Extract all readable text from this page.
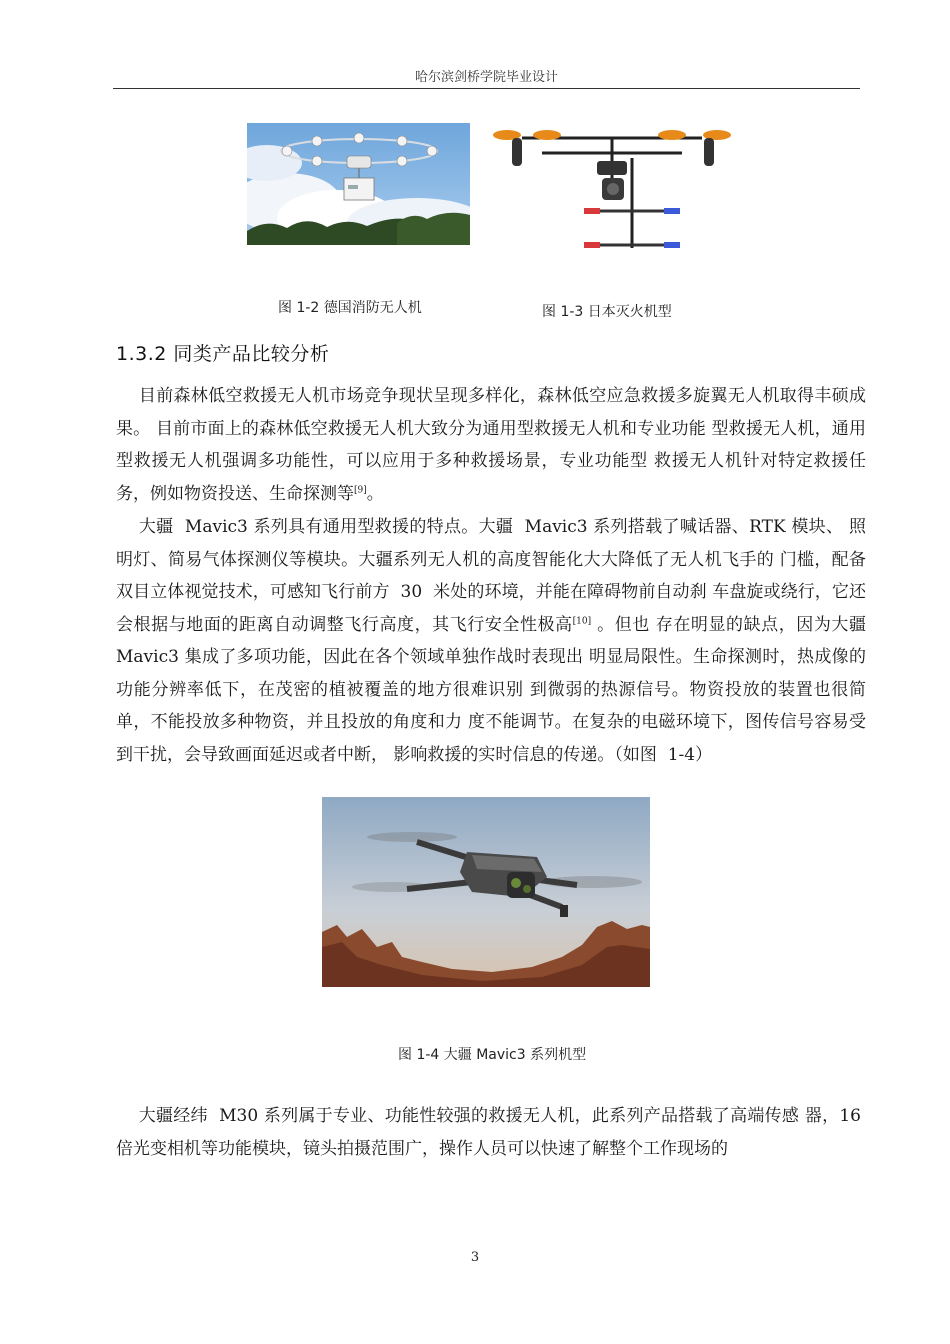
哈尔滨剑桥学院毕业设计
图 1-2 德国消防无人机	图 1-3 日本灭火机型
1.3.2 同类产品比较分析

目前森林低空救援无人机市场竞争现状呈现多样化，森林低空应急救援多旋翼无人机取得丰硕成果。 目前市面上的森林低空救援无人机大致分为通用型救援无人机和专业功能 型救援无人机，通用型救援无人机强调多功能性，可以应用于多种救援场景，专业功能型 救援无人机针对特定救援任务，例如物资投送、生命探测等[9]。

大疆  Mavic3 系列具有通用型救援的特点。大疆  Mavic3 系列搭载了喊话器、RTK 模块、 照明灯、简易气体探测仪等模块。大疆系列无人机的高度智能化大大降低了无人机飞手的 门槛，配备双目立体视觉技术，可感知飞行前方  30  米处的环境，并能在障碍物前自动刹 车盘旋或绕行，它还会根据与地面的距离自动调整飞行高度，其飞行安全性极高[10] 。但也 存在明显的缺点，因为大疆  Mavic3 集成了多项功能，因此在各个领域单独作战时表现出 明显局限性。生命探测时，热成像的功能分辨率低下，在茂密的植被覆盖的地方很难识别 到微弱的热源信号。物资投放的装置也很简单，不能投放多种物资，并且投放的角度和力 度不能调节。在复杂的电磁环境下，图传信号容易受到干扰，会导致画面延迟或者中断， 影响救援的实时信息的传递。（如图  1-4）

图 1-4 大疆 Mavic3 系列机型

大疆经纬  M30 系列属于专业、功能性较强的救援无人机，此系列产品搭载了高端传感 器，16 倍光变相机等功能模块，镜头拍摄范围广，操作人员可以快速了解整个工作现场的

3
